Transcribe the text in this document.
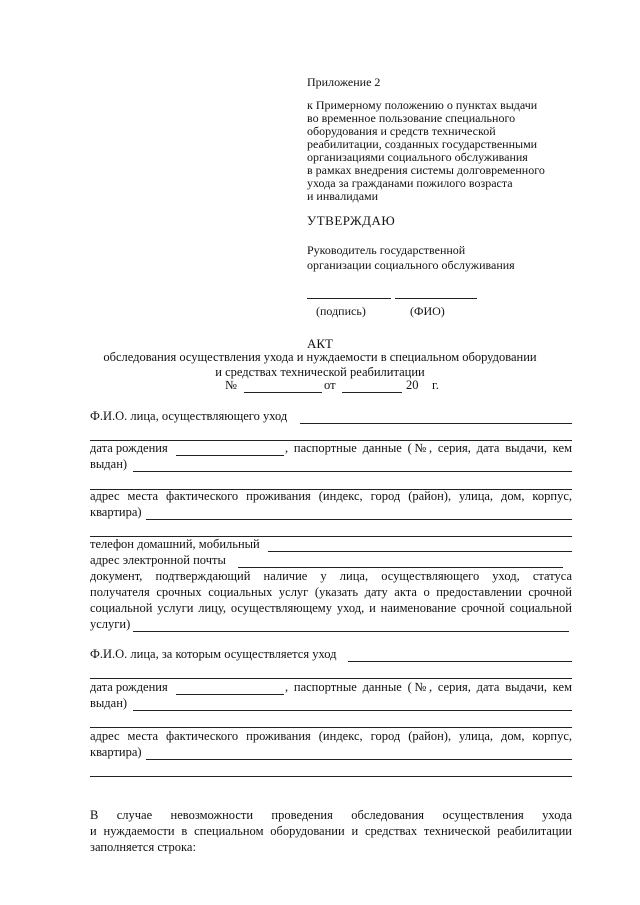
Приложение 2
к Примерному положению о пунктах выдачи
во временное пользование специального
оборудования и средств технической
реабилитации, созданных государственными
организациями социального обслуживания
в рамках внедрения системы долговременного
ухода за гражданами пожилого возраста
и инвалидами
УТВЕРЖДАЮ
Руководитель государственной
организации социального обслуживания
(подпись)	(ФИО)
АКТ
обследования осуществления ухода и нуждаемости в специальном оборудовании
и средствах технической реабилитации
№	от	20 г.
Ф.И.О. лица, осуществляющего уход
дата рождения	, паспортные данные (№, серия, дата выдачи, кем
выдан)
адрес места фактического проживания (индекс, город (район), улица, дом, корпус,
квартира)
телефон домашний, мобильный
адрес электронной почты
документ, подтверждающий наличие у лица, осуществляющего уход, статуса
получателя срочных социальных услуг (указать дату акта о предоставлении срочной
социальной услуги лицу, осуществляющему уход, и наименование срочной социальной
услуги)
Ф.И.О. лица, за которым осуществляется уход
дата рождения	, паспортные данные (№, серия, дата выдачи, кем
выдан)
адрес места фактического проживания (индекс, город (район), улица, дом, корпус,
квартира)
В случае невозможности проведения обследования осуществления ухода
и нуждаемости в специальном оборудовании и средствах технической реабилитации
заполняется строка:
